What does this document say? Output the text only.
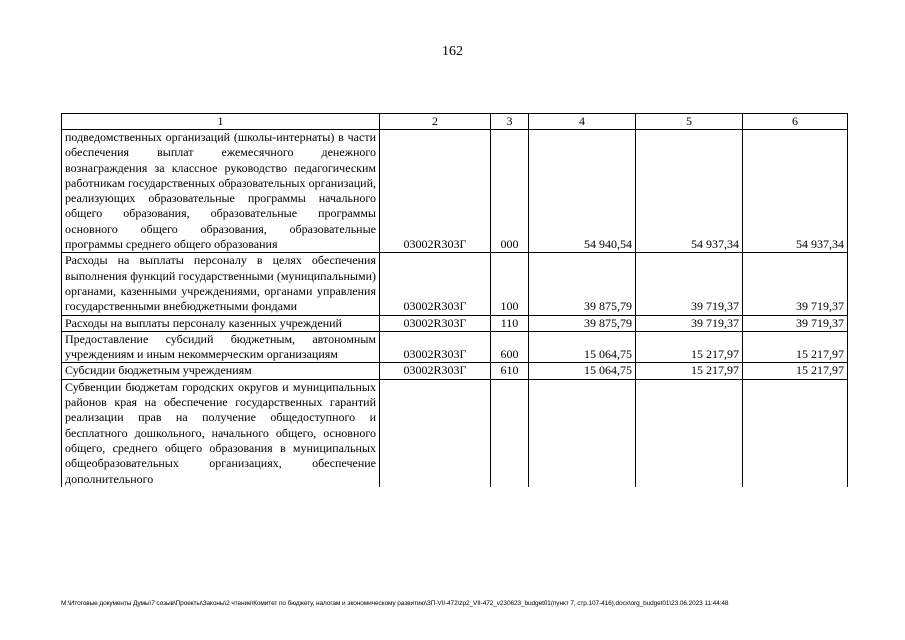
162
1	2	3	4	5	6
подведомственных организаций (школы-интернаты) в части обеспечения выплат ежемесячного денежного вознаграждения за классное руководство педагогическим работникам государственных образовательных организаций, реализующих образовательные программы начального общего образования, образовательные программы основного общего образования, образовательные программы среднего общего образования	03002R303Г	000	54 940,54	54 937,34	54 937,34
Расходы на выплаты персоналу в целях обеспечения выполнения функций государственными (муниципальными) органами, казенными учреждениями, органами управления государственными внебюджетными фондами	03002R303Г	100	39 875,79	39 719,37	39 719,37
Расходы на выплаты персоналу казенных учреждений	03002R303Г	110	39 875,79	39 719,37	39 719,37
Предоставление субсидий бюджетным, автономным учреждениям и иным некоммерческим организациям	03002R303Г	600	15 064,75	15 217,97	15 217,97
Субсидии бюджетным учреждениям	03002R303Г	610	15 064,75	15 217,97	15 217,97
Субвенции бюджетам городских округов и муниципальных районов края на обеспечение государственных гарантий реализации прав на получение общедоступного и бесплатного дошкольного, начального общего, основного общего, среднего общего образования в муниципальных общеобразовательных организациях, обеспечение дополнительного					
M:\Итоговые документы Думы\7 созыв\Проекты\Законы\2 чтение\Комитет по бюджету, налогам и экономическому развитию\ЗП-VII-472\zp2_VII-472_v230623_budget01(пункт 7, стр.107-416).docx\org_budget01\23.06.2023 11:44:48
